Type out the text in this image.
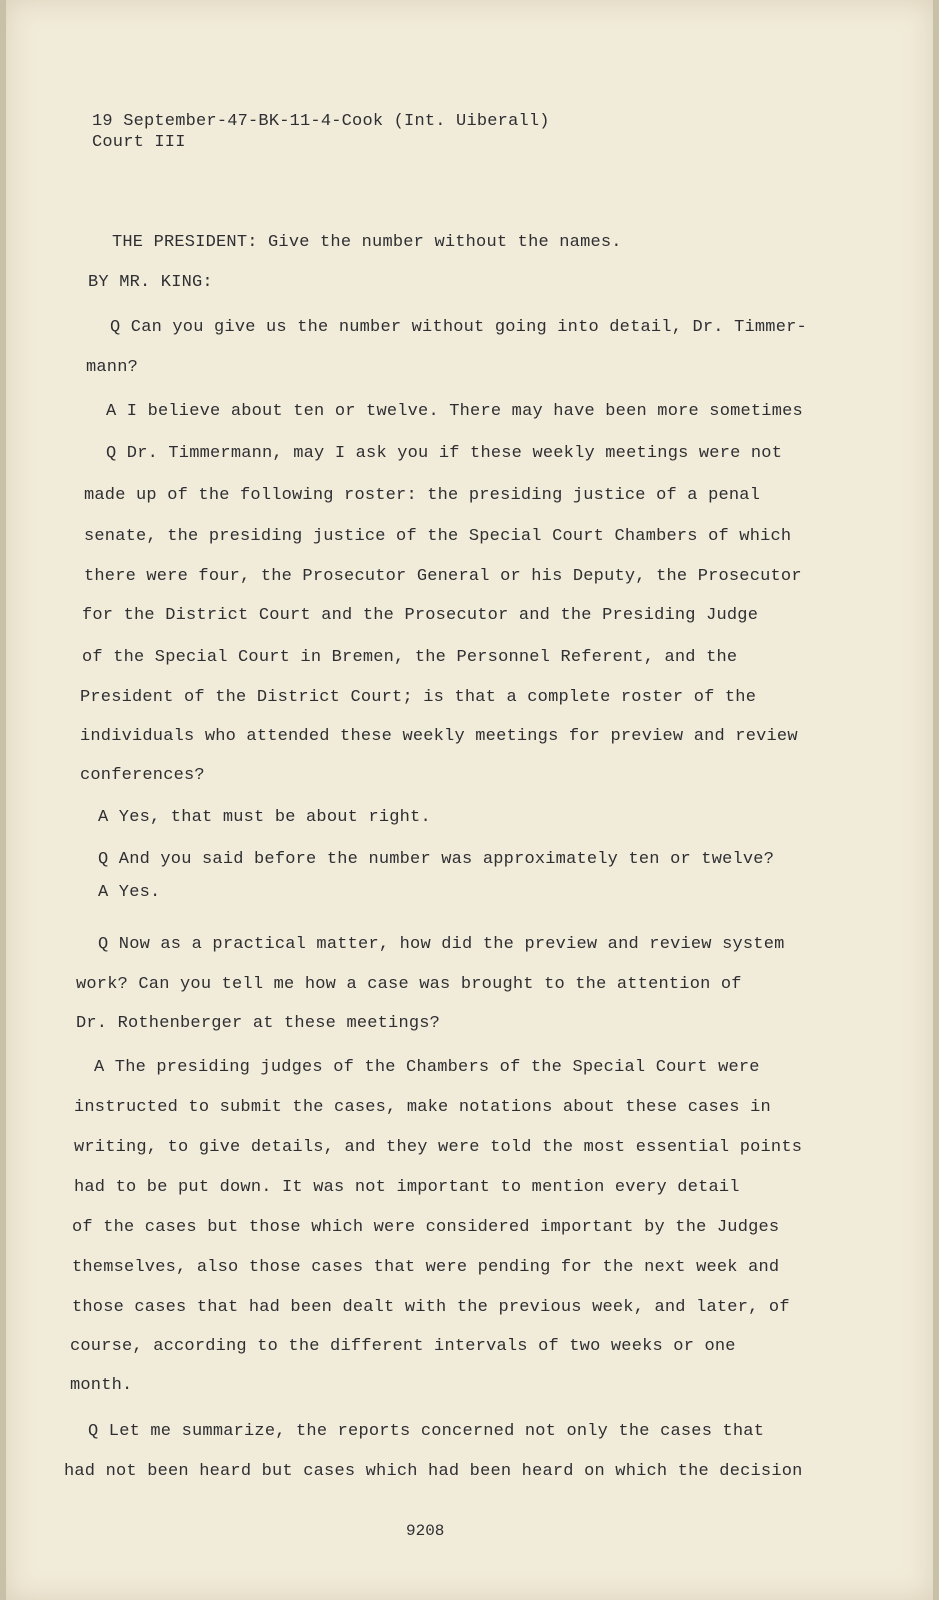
19 September-47-BK-11-4-Cook (Int. Uiberall)
Court III
THE PRESIDENT: Give the number without the names.
BY MR. KING:
Q Can you give us the number without going into detail, Dr. Timmer-
mann?
A I believe about ten or twelve. There may have been more sometimes
Q Dr. Timmermann, may I ask you if these weekly meetings were not
made up of the following roster: the presiding justice of a penal
senate, the presiding justice of the Special Court Chambers of which
there were four, the Prosecutor General or his Deputy, the Prosecutor
for the District Court and the Prosecutor and the Presiding Judge
of the Special Court in Bremen, the Personnel Referent, and the
President of the District Court; is that a complete roster of the
individuals who attended these weekly meetings for preview and review
conferences?
A Yes, that must be about right.
Q And you said before the number was approximately ten or twelve?
A Yes.
Q Now as a practical matter, how did the preview and review system
work? Can you tell me how a case was brought to the attention of
Dr. Rothenberger at these meetings?
A The presiding judges of the Chambers of the Special Court were
instructed to submit the cases, make notations about these cases in
writing, to give details, and they were told the most essential points
had to be put down. It was not important to mention every detail
of the cases but those which were considered important by the Judges
themselves, also those cases that were pending for the next week and
those cases that had been dealt with the previous week, and later, of
course, according to the different intervals of two weeks or one
month.
Q Let me summarize, the reports concerned not only the cases that
had not been heard but cases which had been heard on which the decision
9208
